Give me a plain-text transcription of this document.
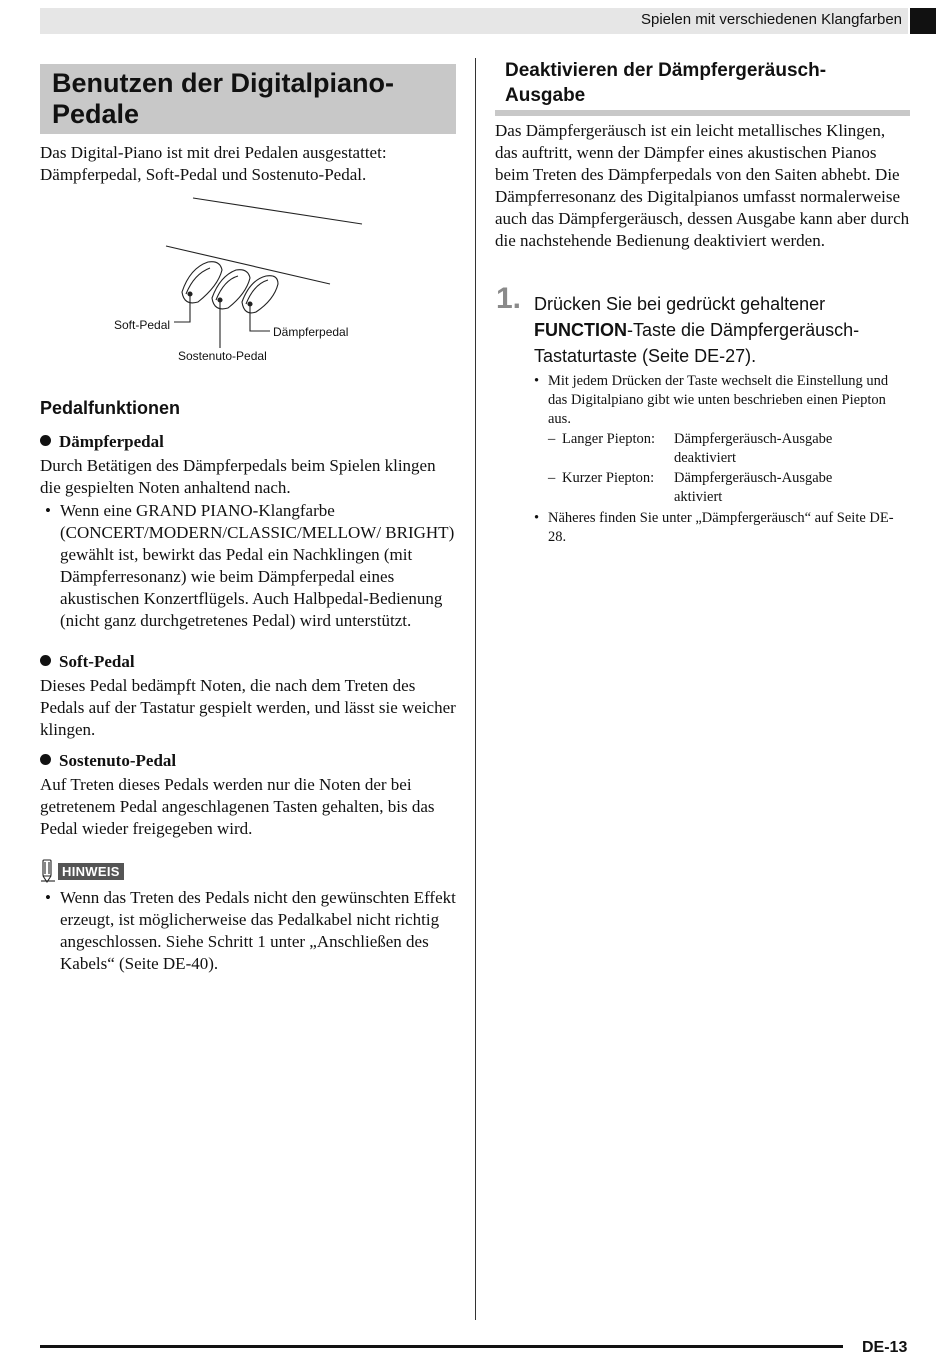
Spielen mit verschiedenen Klangfarben
Benutzen der Digitalpiano-Pedale

Das Digital-Piano ist mit drei Pedalen ausgestattet: Dämpferpedal, Soft-Pedal und Sostenuto-Pedal.

Soft-Pedal
Sostenuto-Pedal
Dämpferpedal
Pedalfunktionen
Dämpferpedal

Durch Betätigen des Dämpferpedals beim Spielen klingen die gespielten Noten anhaltend nach.

• Wenn eine GRAND PIANO-Klangfarbe (CONCERT/MODERN/CLASSIC/MELLOW/ BRIGHT) gewählt ist, bewirkt das Pedal ein Nachklingen (mit Dämpferresonanz) wie beim Dämpferpedal eines akustischen Konzertflügels. Auch Halbpedal-Bedienung (nicht ganz durchgetretenes Pedal) wird unterstützt.
Soft-Pedal

Dieses Pedal bedämpft Noten, die nach dem Treten des Pedals auf der Tastatur gespielt werden, und lässt sie weicher klingen.

Sostenuto-Pedal

Auf Treten dieses Pedals werden nur die Noten der bei getretenem Pedal angeschlagenen Tasten gehalten, bis das Pedal wieder freigegeben wird.

HINWEIS
• Wenn das Treten des Pedals nicht den gewünschten Effekt erzeugt, ist möglicherweise das Pedalkabel nicht richtig angeschlossen. Siehe Schritt 1 unter „Anschließen des Kabels“ (Seite DE-40).
Deaktivieren der Dämpfergeräusch-Ausgabe

Das Dämpfergeräusch ist ein leicht metallisches Klingen, das auftritt, wenn der Dämpfer eines akustischen Pianos beim Treten des Dämpferpedals von den Saiten abhebt. Die Dämpferresonanz des Digitalpianos umfasst normalerweise auch das Dämpfergeräusch, dessen Ausgabe kann aber durch die nachstehende Bedienung deaktiviert werden.

1. Drücken Sie bei gedrückt gehaltener FUNCTION-Taste die Dämpfergeräusch-Tastaturtaste (Seite DE-27).
• Mit jedem Drücken der Taste wechselt die Einstellung und das Digitalpiano gibt wie unten beschrieben einen Piepton aus.
– Langer Piepton: Dämpfergeräusch-Ausgabe
deaktiviert
– Kurzer Piepton: Dämpfergeräusch-Ausgabe
aktiviert
• Näheres finden Sie unter „Dämpfergeräusch“ auf Seite DE-28.
DE-13
